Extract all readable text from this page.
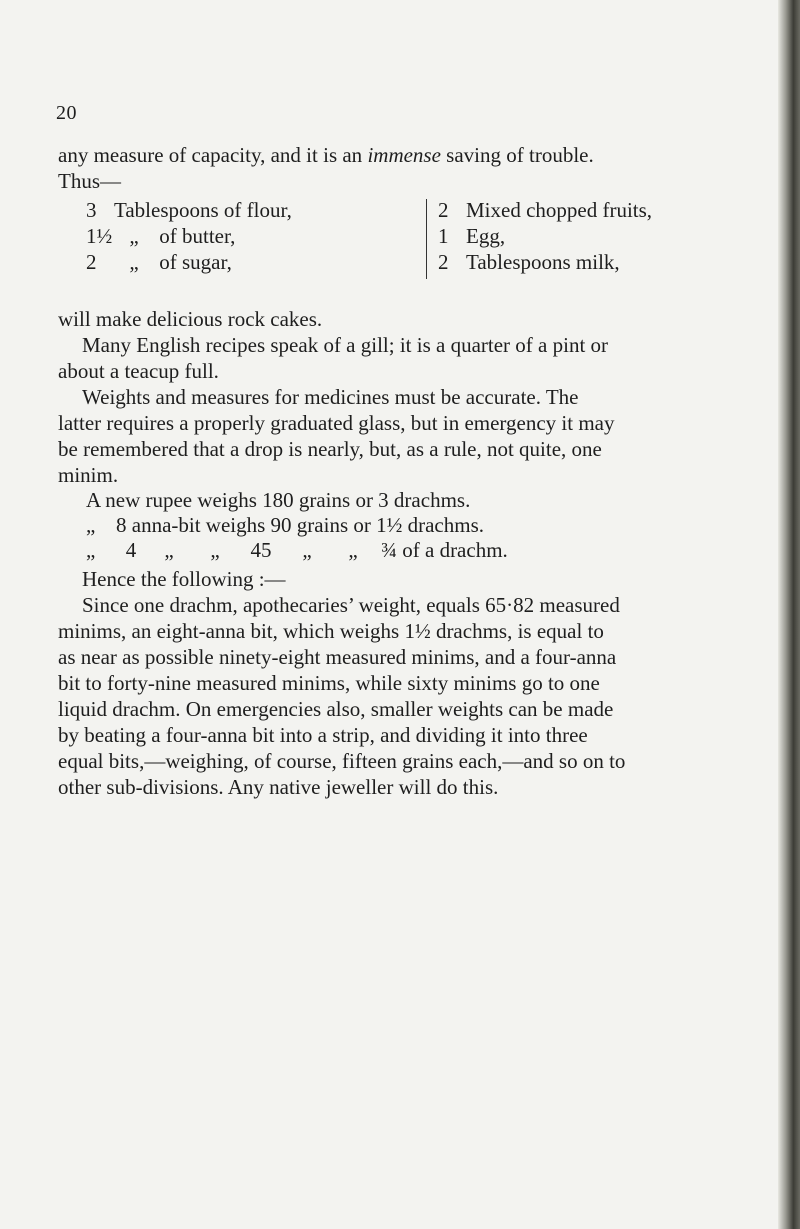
20
any measure of capacity, and it is an immense saving of trouble.
Thus—
3 Tablespoons of flour,
1½ „ of butter,
2 „ of sugar,
2 Mixed chopped fruits,
1 Egg,
2 Tablespoons milk,
will make delicious rock cakes.
Many English recipes speak of a gill; it is a quarter of a pint or
about a teacup full.
Weights and measures for medicines must be accurate. The
latter requires a properly graduated glass, but in emergency it may
be remembered that a drop is nearly, but, as a rule, not quite, one
minim.
A new rupee weighs 180 grains or 3 drachms.
„ 8 anna-bit weighs 90 grains or 1½ drachms.
„ 4 „ „ 45 „ „ ¾ of a drachm.
Hence the following :—
Since one drachm, apothecaries’ weight, equals 65·82 measured
minims, an eight-anna bit, which weighs 1½ drachms, is equal to
as near as possible ninety-eight measured minims, and a four-anna
bit to forty-nine measured minims, while sixty minims go to one
liquid drachm. On emergencies also, smaller weights can be made
by beating a four-anna bit into a strip, and dividing it into three
equal bits,—weighing, of course, fifteen grains each,—and so on to
other sub-divisions. Any native jeweller will do this.
